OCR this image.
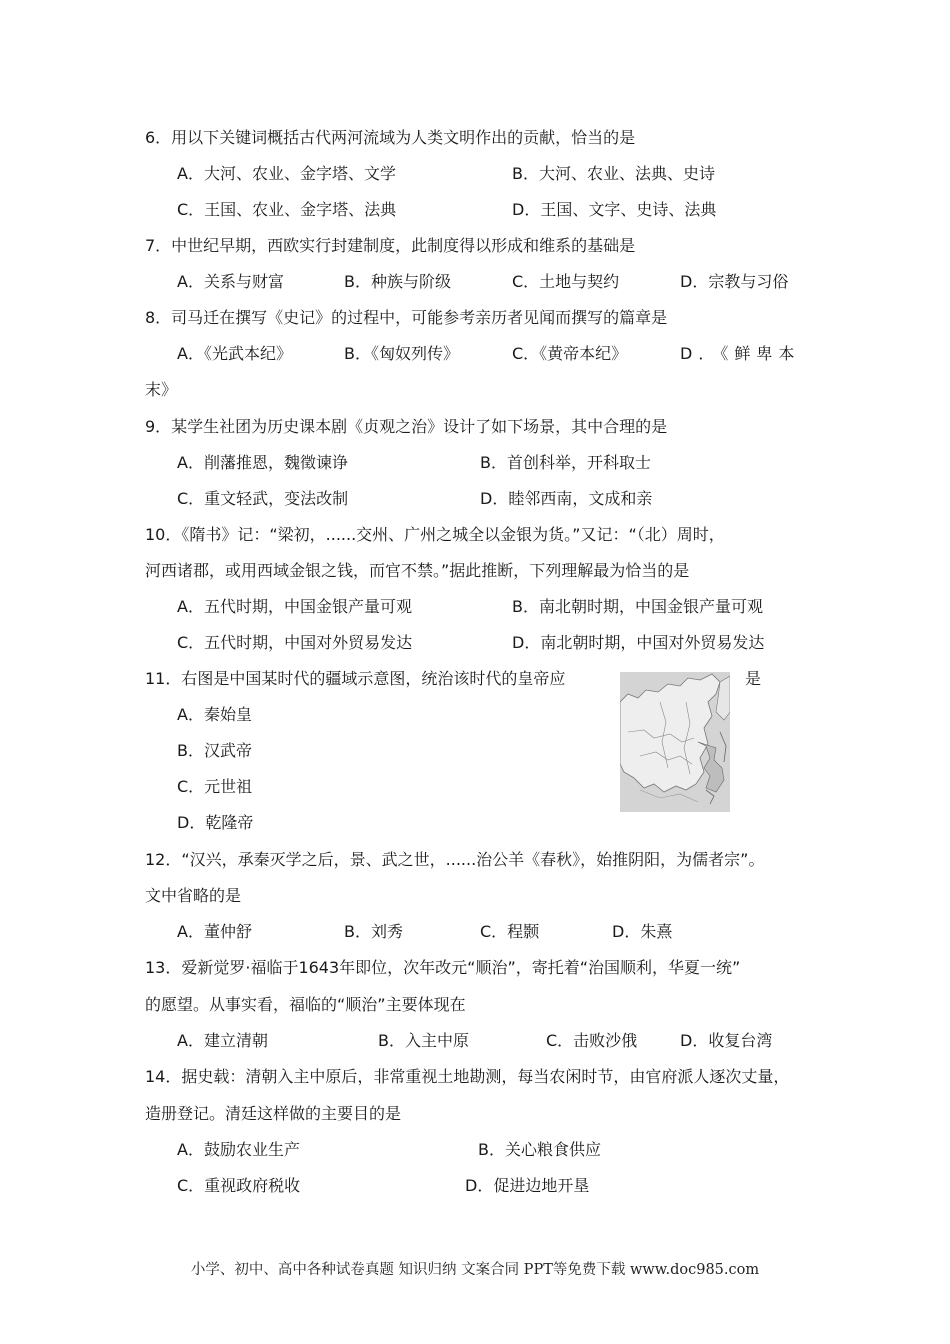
6．用以下关键词概括古代两河流域为人类文明作出的贡献，恰当的是
A．大河、农业、金字塔、文学	B．大河、农业、法典、史诗
C．王国、农业、金字塔、法典	D．王国、文字、史诗、法典
7．中世纪早期，西欧实行封建制度，此制度得以形成和维系的基础是
A．关系与财富	B．种族与阶级	C．土地与契约	D．宗教与习俗
8．司马迁在撰写《史记》的过程中，可能参考亲历者见闻而撰写的篇章是
A．《光武本纪》	B．《匈奴列传》	C．《黄帝本纪》	D．《鲜卑本
末》
9．某学生社团为历史课本剧《贞观之治》设计了如下场景，其中合理的是
A．削藩推恩，魏徵谏诤	B．首创科举，开科取士
C．重文轻武，变法改制	D．睦邻西南，文成和亲
10．《隋书》记：“梁初，......交州、广州之城全以金银为货。”又记：“（北）周时，
河西诸郡，或用西域金银之钱，而官不禁。”据此推断，下列理解最为恰当的是
A．五代时期，中国金银产量可观	B．南北朝时期，中国金银产量可观
C．五代时期，中国对外贸易发达	D．南北朝时期，中国对外贸易发达
11．右图是中国某时代的疆域示意图，统治该时代的皇帝应	是
A．秦始皇
B．汉武帝
C．元世祖
D．乾隆帝
12．“汉兴，承秦灭学之后，景、武之世，......治公羊《春秋》，始推阴阳，为儒者宗”。
文中省略的是
A．董仲舒	B．刘秀	C．程颢	D．朱熹
13．爱新觉罗·福临于1643年即位，次年改元“顺治”，寄托着“治国顺利，华夏一统”
的愿望。从事实看，福临的“顺治”主要体现在
A．建立清朝	B．入主中原	C．击败沙俄	D．收复台湾
14．据史载：清朝入主中原后，非常重视土地勘测，每当农闲时节，由官府派人逐次丈量，
造册登记。清廷这样做的主要目的是
A．鼓励农业生产	B．关心粮食供应
C．重视政府税收	D．促进边地开垦
小学、初中、高中各种试卷真题 知识归纳 文案合同 PPT等免费下载 www.doc985.com
